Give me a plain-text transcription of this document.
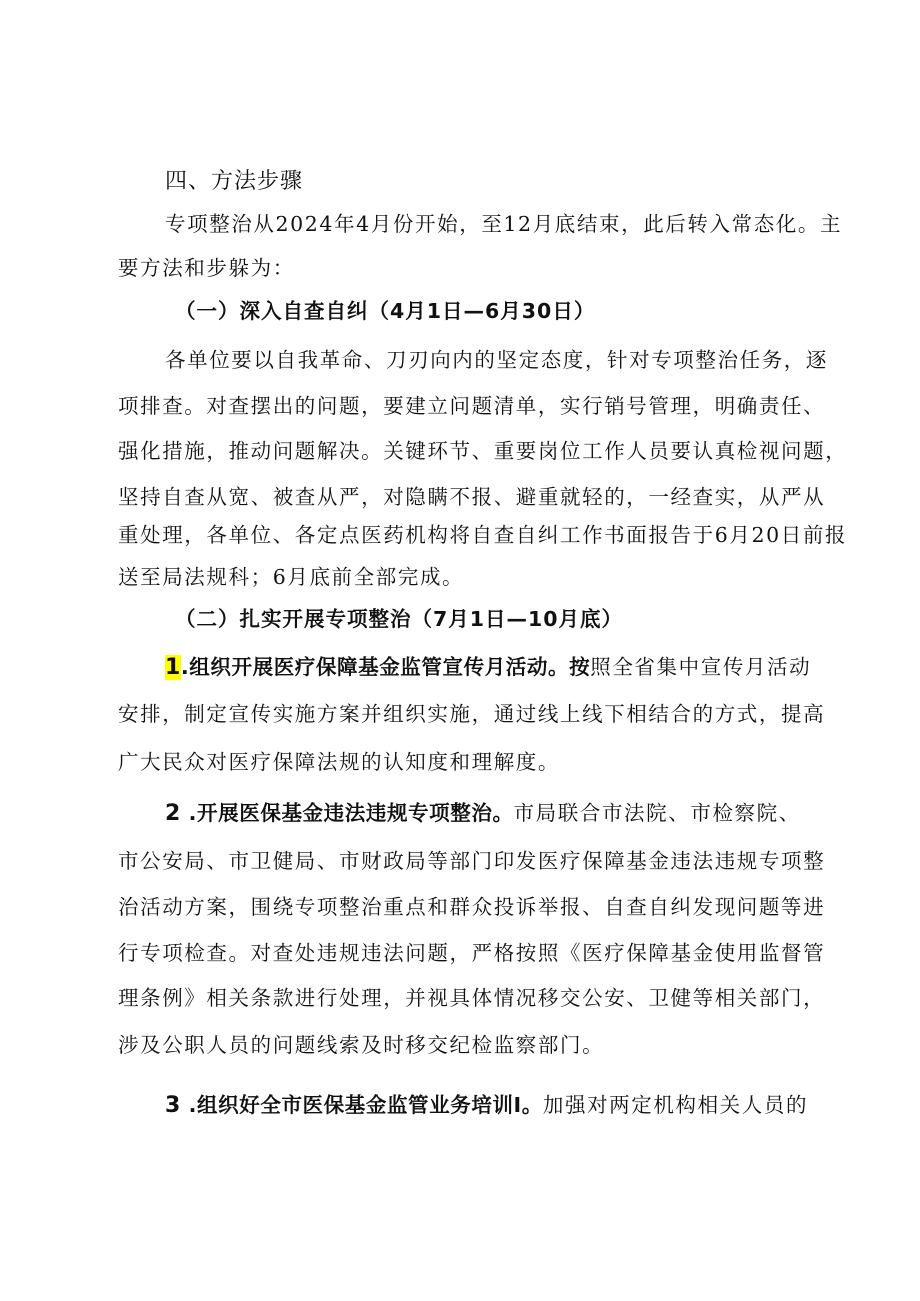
四、方法步骤
专项整治从2024年4月份开始，至12月底结束，此后转入常态化。主
要方法和步躲为：
（一）深入自查自纠（4月1日—6月30日）
各单位要以自我革命、刀刃向内的坚定态度，针对专项整治任务，逐
项排查。对查摆出的问题，要建立问题清单，实行销号管理，明确责任、
强化措施，推动问题解决。关键环节、重要岗位工作人员要认真检视问题，
坚持自查从宽、被查从严，对隐瞒不报、避重就轻的，一经查实，从严从
重处理，各单位、各定点医药机构将自查自纠工作书面报告于6月20日前报
送至局法规科；6月底前全部完成。
（二）扎实开展专项整治（7月1日—10月底）
1.组织开展医疗保障基金监管宣传月活动。按照全省集中宣传月活动
安排，制定宣传实施方案并组织实施，通过线上线下相结合的方式，提高
广大民众对医疗保障法规的认知度和理解度。
2 .开展医保基金违法违规专项整治。市局联合市法院、市检察院、
市公安局、市卫健局、市财政局等部门印发医疗保障基金违法违规专项整
治活动方案，围绕专项整治重点和群众投诉举报、自查自纠发现问题等进
行专项检查。对查处违规违法问题，严格按照《医疗保障基金使用监督管
理条例》相关条款进行处理，并视具体情况移交公安、卫健等相关部门，
涉及公职人员的问题线索及时移交纪检监察部门。
3 .组织好全市医保基金监管业务培训Ⅰ。加强对两定机构相关人员的
